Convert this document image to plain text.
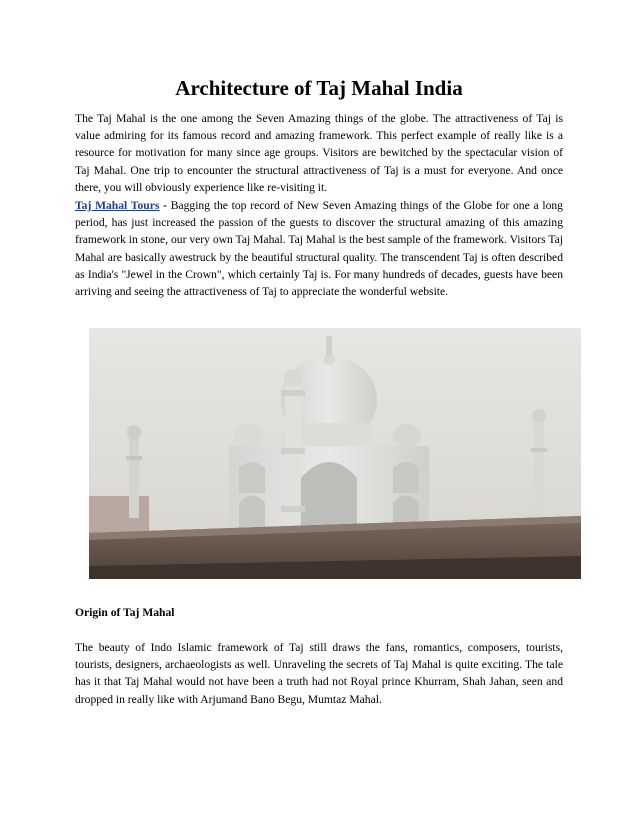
Architecture of Taj Mahal India

The Taj Mahal is the one among the Seven Amazing things of the globe. The attractiveness of Taj is value admiring for its famous record and amazing framework. This perfect example of really like is a resource for motivation for many since age groups. Visitors are bewitched by the spectacular vision of Taj Mahal. One trip to encounter the structural attractiveness of Taj is a must for everyone. And once there, you will obviously experience like re-visiting it.

Taj Mahal Tours - Bagging the top record of New Seven Amazing things of the Globe for one a long period, has just increased the passion of the guests to discover the structural amazing of this amazing framework in stone, our very own Taj Mahal. Taj Mahal is the best sample of the framework. Visitors Taj Mahal are basically awestruck by the beautiful structural quality. The transcendent Taj is often described as India's "Jewel in the Crown", which certainly Taj is. For many hundreds of decades, guests have been arriving and seeing the attractiveness of Taj to appreciate the wonderful website.

Origin of Taj Mahal

The beauty of Indo Islamic framework of Taj still draws the fans, romantics, composers, tourists, tourists, designers, archaeologists as well. Unraveling the secrets of Taj Mahal is quite exciting. The tale has it that Taj Mahal would not have been a truth had not Royal prince Khurram, Shah Jahan, seen and dropped in really like with Arjumand Bano Begu, Mumtaz Mahal.
